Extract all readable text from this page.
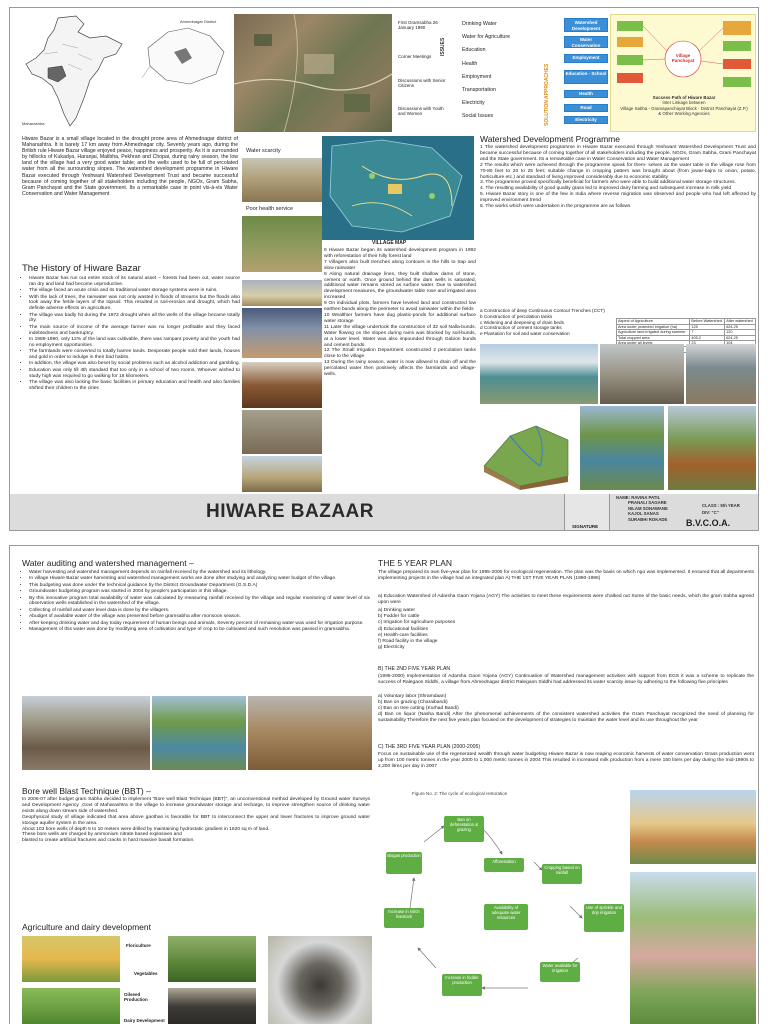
Ahmednagar District
Maharashtra
First Gramsabha 26 January 1990
Corner Meetings
Discussions with Senior Citizens
Discussions with Youth and Women
ISSUES
Drinking Water
Water for Agriculture
Education
Health
Employment
Transportation
Electricity
Social Issues	SOLUTION APPROACHES
Watershed Development
Water Conservation
Employment
Education - School
Health
Road
Electricity
Village Panchayat
Success Path of Hiware Bazar
Inter Linkage between
Village Sabha - Gramapanchayat Block - District Panchayat (Z.P.)
& Other Working Agencies
Hiware Bazar is a small village located in the drought prone area of Ahmednagar district of Maharashtra. It is barely 17 km away from Ahmednagar city. Seventy years ago, during the British rule Hiware Bazar village enjoyed peace, happiness and prosperity. As it is surrounded by hillocks of Kukadya, Haranjai, Malibha, Pekhran and Chopai, during rainy season, the low land of the village had a very good water table; and the wells used to be full of percolated water from all the surrounding slopes. The watershed development programme in Hiware Bazar executed through Yeshwant Watershed Development Trust and became successful because of coming together of all stakeholders including the people, NGOs, Gram Sabha, Gram Panchayat and the State government. Its a remarkable case in point vis-à-vis Water Conservation and Water Management
The History of Hiware Bazar
• Hiware Bazar has run out entire stock of its natural asset – forests had been cut, water source ran dry and land had become unproductive.
• The village faced an acute crisis and its traditional water storage systems were in ruins.
• With the lack of trees, the rainwater was not only wasted in floods of streams but the floods also took away the fertile layers of the topsoil. This resulted in soil-erosion and drought, which had definite adverse effects on agriculture.
• The village was badly hit during the 1972 drought when all the wells of the village became totally dry.
• The main source of income of the average farmer was no longer profitable and they faced indebtedness and bankruptcy.
• In 1989-1990, only 12% of the land was cultivable, there was rampant poverty and the youth had no employment opportunities.
• The farmlands were converted to totally barren lands. Desperate people sold their lands, houses and gold in order to indulge in their bad habits.
• In addition, the village was also beset by social problems such as alcohol addiction and gambling.
• Education was only till 4th standard that too only in a school of two rooms. Whoever wished to study high was required to go walking for 16 kilometers.
• The village was also lacking the basic facilities in primary education and health and also families shifted their children to the cities
Water scarcity
Poor health service
VILLAGE MAP
6 Hiware Bazar began its watershed development program in 1992 with reforestation of their hilly forest land
7 Villagers also built trenches along contours in the hills to trap and slow rainwater
8 Along natural drainage lines, they built shallow dams of stone, cement or earth. Once ground behind the dam wells is saturated, additional water remains stored as surface water. Due to watershed development measures, the groundwater table rose and irrigated area increased
9 On individual plots, farmers have leveled land and constructed low earthen bunds along the perimeter to avoid rainwater within the fields
10 Wealthier farmers have dug plastic-ponds for additional surface water storage
11 Later the village undertook the construction of 32 soil Nalla-bunds. Water flowing on the slopes during rains was blocked by soil-bunds, at a lower level. Water was also impounded through Gabion bunds and cement bunds.
12 The Small Irrigation Department constructed 2 percolation tanks close to the village
13 During the rainy season, water is now allowed to drain off and the percolated water then positively affects the farmlands and village-wells.
Watershed Development Programme
1 The watershed development programme in Hiware Bazar executed through Yeshwant Watershed Development Trust and became successful because of coming together of all stakeholders including the people, NGOs, Gram Sabha, Gram Panchayat and the State government. Its a remarkable case in Water Conservation and Water Management
2 The results which were achieved through the programme speak for them- selves as the water table in the village rose from 70-80 feet to 20 to 25 feet; suitable change in cropping pattern was brought about (from jowar-bajra to onion, potato, horticulture etc.) and standard of living improved considerably due to economic stability
3. The programme proved specifically beneficial for farmers who were able to build additional water storage structures.
4. The resulting availability of good quality grass led to improved dairy farming and subsequent increase in milk yield
5. Hiware Bazar story is one of the few in India where reverse migration was observed and people who had left affected by improved environment trend
6. The works which were undertaken in the programme are as follows
a Construction of deep Continuous Contour Trenches (CCT)
b Construction of percolation tanks
c Widening and deepening of drain beds
d Construction of cement storage tanks
e Plantation for soil and water conservation
Aspect of Agriculture	Before Watershed	After watershed
Area under protected irrigation (ha)	125	624.25
Agriculture land irrigated during summer	7	120
Total cropped area	405.2	624.25

HIWARE BAZAAR
SIGNATURE
NAME: RAVINA PATIL
PRANALI SAGARE
NILAM SONAWANE
KAJOL SANAS
SURABHI ROKADE
CLASS : 5th YEAR
DIV: "C"
B.V.C.O.A.
Water auditing and watershed management –
• Water harvesting and watershed management depends on rainfall received by the watershed and its lithology.
• In village Hiware Bazar water harvesting and watershed management works are done after studying and analyzing water budget of the village.
• This budgeting was done under the technical guidance by the District Groundwater Department (G.S.D.A)
• Groundwater budgeting program was started in 2004 by people's participation in this village.
• By this innovative program total availability of water was calculated by measuring rainfall received by the village and regular monitoring of water level of six observation wells established in the watershed of the village.
• Collecting of rainfall and water level data is done by the villagers.
• Abudget of available water of the village was presented before gramsabha after monsoon season.
• After keeping drinking water and day today requirement of human beings and animals, Seventy percent of remaining water was used for irrigation purpose.
• Management of this water was done by modifying area of cultivation and type of crop to be cultivated and such resolution was passed in gramsabha.
Bore well Blast Technique (BBT) –
In 2006-07 after budget gram Sabha decided to implement "Bore well Blast Technique (BBT)", an unconventional method developed by Ground water Surveys and Development Agency ,Govt of Maharashtra in the village to increase groundwater storage and recharge, to improve strengthen source of drinking water exists along down stream side of watershed.
Geophysical study of village indicated that area above gaothan is favorable for BBT to interconnect the upper and lower fractures to improve ground water storage aquifer system in the area.
About 103 bore wells of depth 5 to 10 meters were drilled by maintaining hydrostatic gradient in 1620 sq m of land.
These bore wells are charged by ammonium nitrate based explosives and
blasted to create artificial fractures and cracks in hard massive basalt formation.
Agriculture and dairy development
Floriculture
Vegetables
Oilseed Production
Dairy Development
THE 5 YEAR PLAN
The village prepared its own five-year plan for 1995-2000 for ecological regeneration. The plan was the basis on which ngo was implemented. It ensured that all departments implementing projects in the village had an integrated plan A) THE 1ST FIVE YEAR PLAN (1990-1995)
a) Education Watershed of Adarsha Gaon Yojana (AGY) The activities to meet these requirements were chalked out Some of the basic needs, which the gram Sabha agreed upon were
a) Drinking water
b) Fodder for cattle
c) Irrigation for agriculture purposes
d) Educational facilities
e) Health-care facilities
f) Road facility in the village
g) Electricity
B) THE 2ND FIVE YEAR PLAN
(1995-2000) Implementation of Adarsha Gaon Yojana (AGY) Continuation of Watershed management activities with support from EGS it was a scheme to replicate the success of Ralegaon Siddhi, a village from Ahmednagar district Ralegaon Siddhi had addressed its water scarcity issue by adhering to the following five principles
a) Voluntary labor (Shramdaan)
b) Ban on grazing (Charaibandi)
c) Ban on tree cutting (Kurhad Bandi)
d) Ban on liquor (Nasha Bandi) After the phenomenal achievements of the consistent watershed activities the Gram Panchayat recognized the need of planning for sustainability Therefore the next five years plan focused on the development of strategies to maintain the water level and its use throughout the year
C) THE 3RD FIVE YEAR PLAN (2000-2005)
Focus on sustainable use of the regenerated wealth through water budgeting Hiware Bazar is now reaping economic harvests of water conservation Grass production went up from 100 metric tonnes in the year 2000 to 1,000 metric tonnes in 2004 This resulted in increased milk production from a mere 150 liters per day during the mid-1990s to 2,200 litres per day in 2007
Figure No. 2: The cycle of ecological restoration
Ban on deforestation & grazing
Afforestation
Cropping based on rainfall
Use of sprinkle and drip irrigation
Water available for irrigation
Increase in fodder production
Availability of adequate water resources
Increase in milch livestock
Biogas production
